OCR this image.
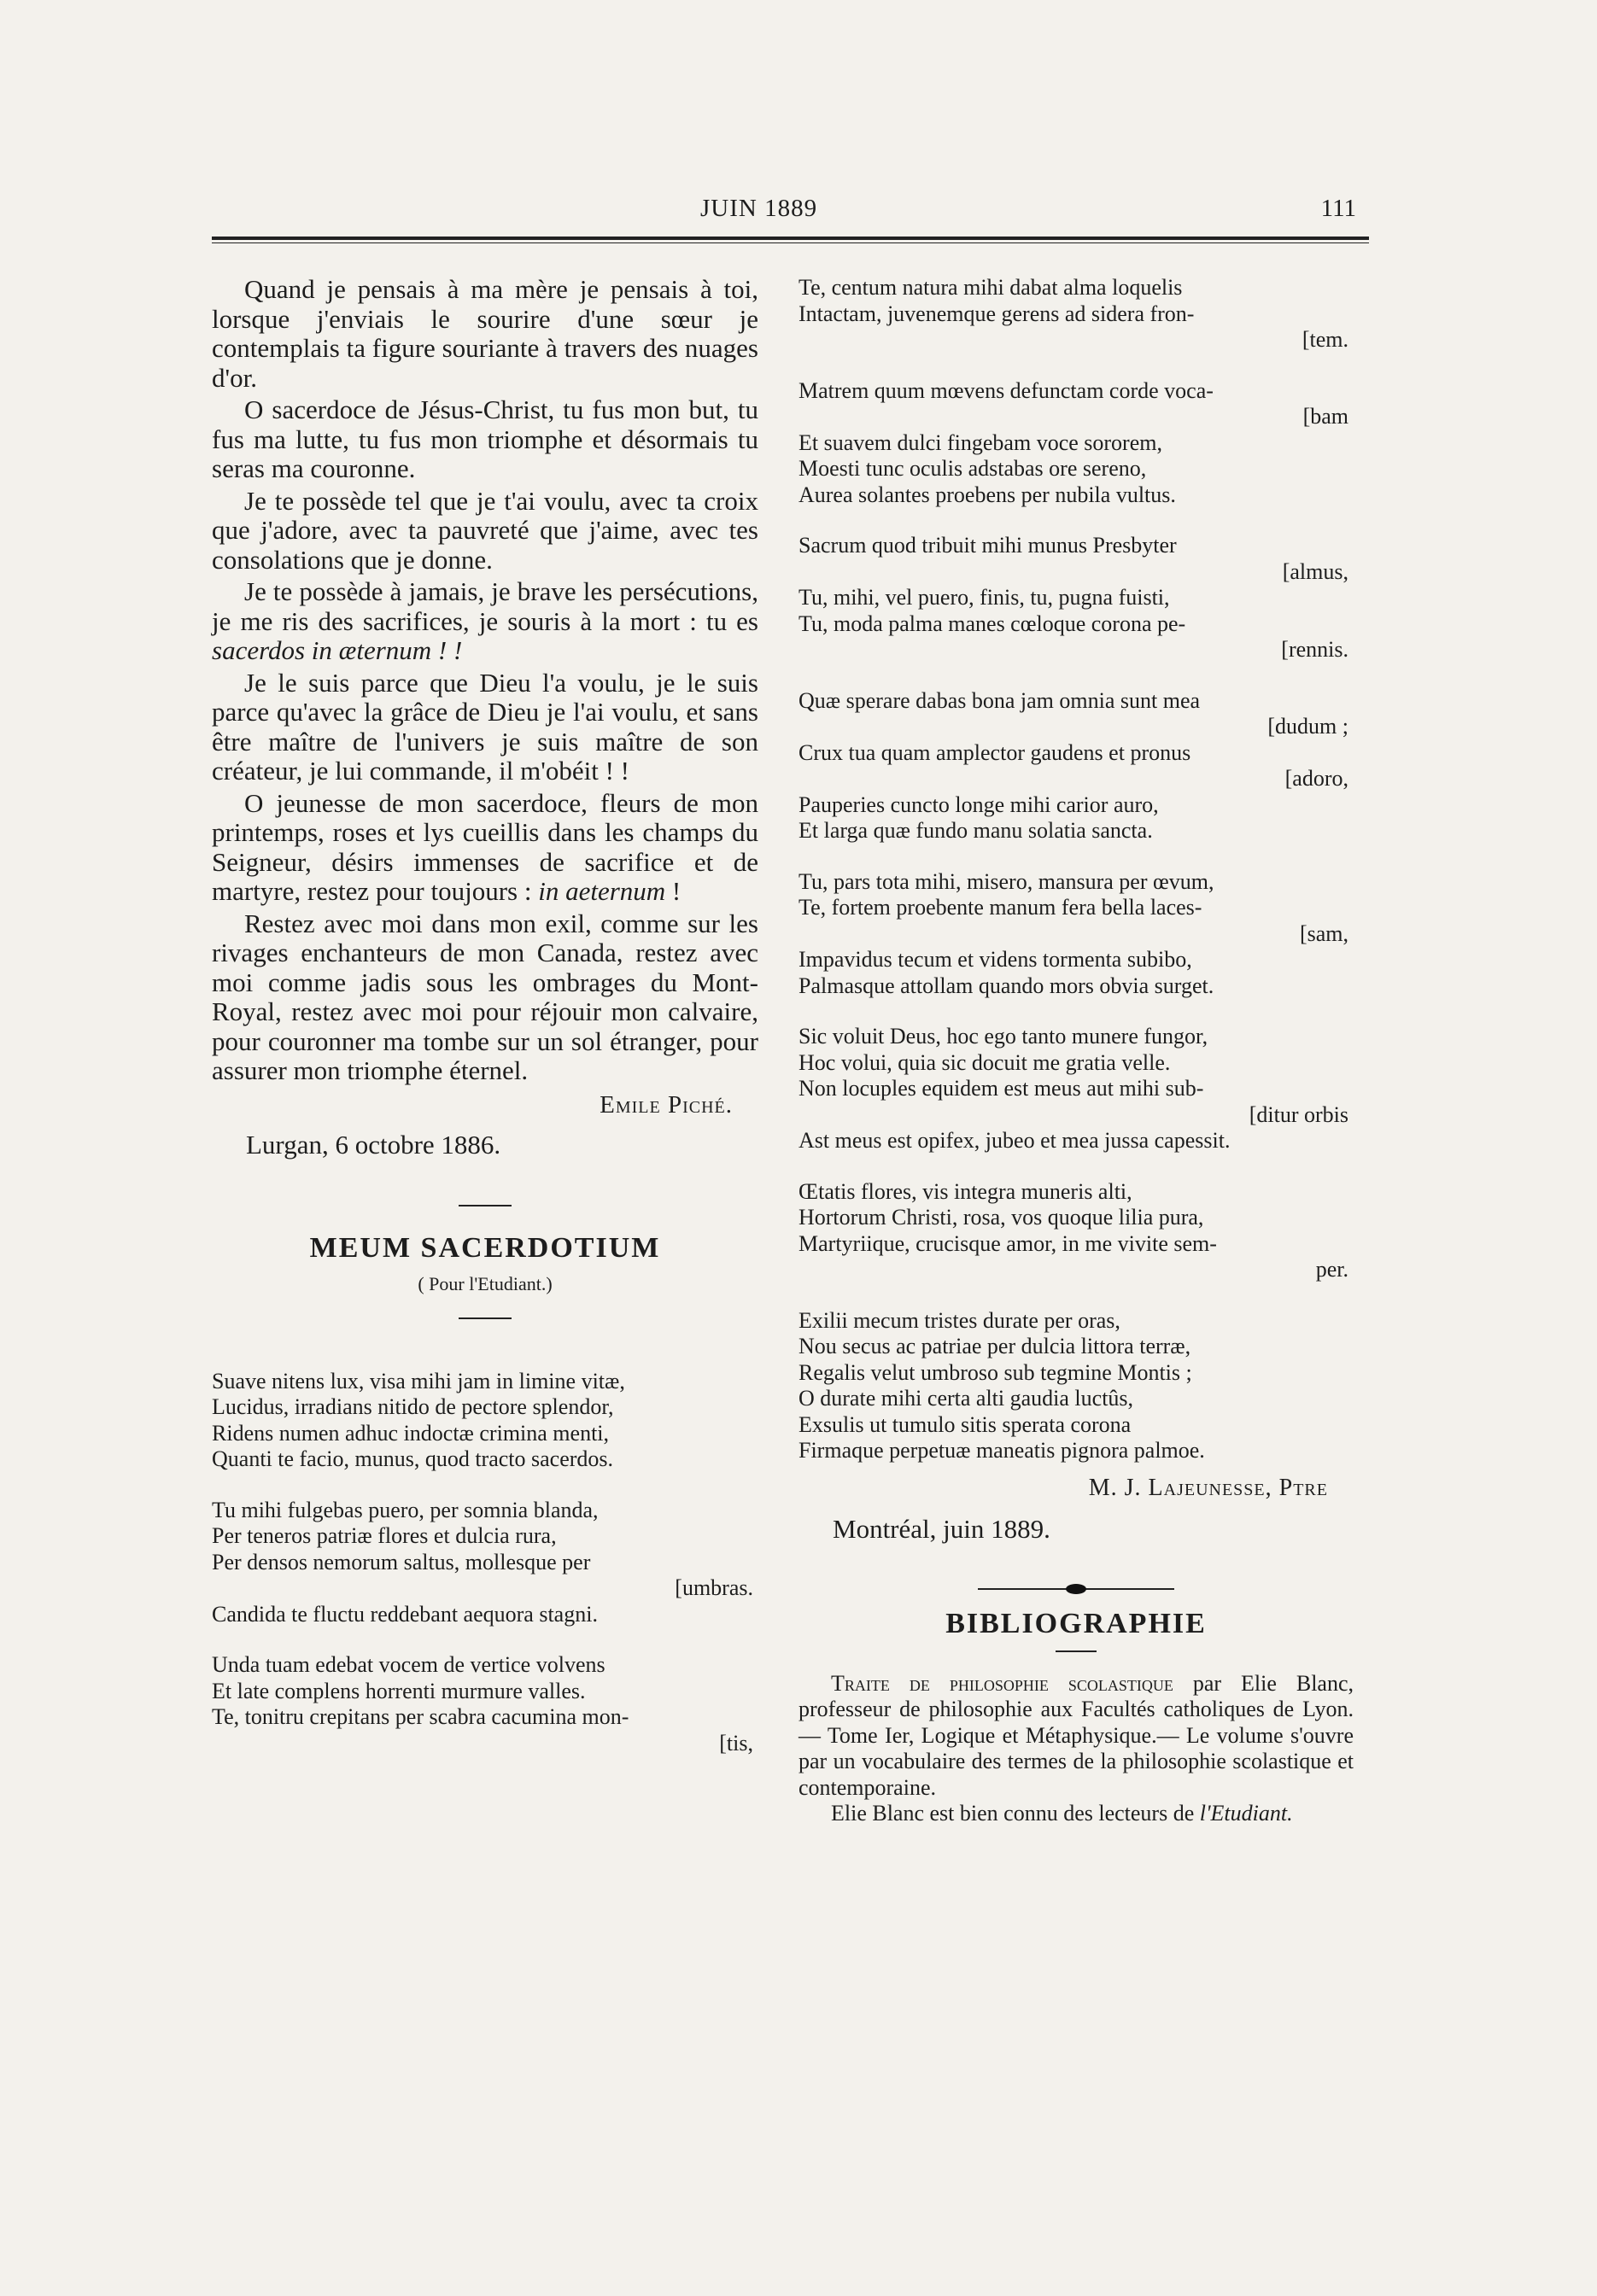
JUIN 1889	111

Quand je pensais à ma mère je pensais à toi, lorsque j'enviais le sourire d'une sœur je contemplais ta figure souriante à travers des nuages d'or.

O sacerdoce de Jésus-Christ, tu fus mon but, tu fus ma lutte, tu fus mon triomphe et désormais tu seras ma couronne.

Je te possède tel que je t'ai voulu, avec ta croix que j'adore, avec ta pauvreté que j'aime, avec tes consolations que je donne.

Je te possède à jamais, je brave les persécutions, je me ris des sacrifices, je souris à la mort : tu es sacerdos in æternum ! !

Je le suis parce que Dieu l'a voulu, je le suis parce qu'avec la grâce de Dieu je l'ai voulu, et sans être maître de l'univers je suis maître de son créateur, je lui commande, il m'obéit ! !

O jeunesse de mon sacerdoce, fleurs de mon printemps, roses et lys cueillis dans les champs du Seigneur, désirs immenses de sacrifice et de martyre, restez pour toujours : in aeternum !

Restez avec moi dans mon exil, comme sur les rivages enchanteurs de mon Canada, restez avec moi comme jadis sous les ombrages du Mont-Royal, restez avec moi pour réjouir mon calvaire, pour couronner ma tombe sur un sol étranger, pour assurer mon triomphe éternel.

Emile Piché.
Lurgan, 6 octobre 1886.
MEUM SACERDOTIUM
( Pour l'Etudiant.)
Suave nitens lux, visa mihi jam in limine vitæ,
Lucidus, irradians nitido de pectore splendor,
Ridens numen adhuc indoctæ crimina menti,
Quanti te facio, munus, quod tracto sacerdos.
Tu mihi fulgebas puero, per somnia blanda,
Per teneros patriæ flores et dulcia rura,
Per densos nemorum saltus, mollesque per
[umbras.
Candida te fluctu reddebant aequora stagni.
Unda tuam edebat vocem de vertice volvens
Et late complens horrenti murmure valles.
Te, tonitru crepitans per scabra cacumina mon-
[tis,
Te, centum natura mihi dabat alma loquelis
Intactam, juvenemque gerens ad sidera fron-
[tem.
Matrem quum mœvens defunctam corde voca-
[bam
Et suavem dulci fingebam voce sororem,
Moesti tunc oculis adstabas ore sereno,
Aurea solantes proebens per nubila vultus.
Sacrum quod tribuit mihi munus Presbyter
[almus,
Tu, mihi, vel puero, finis, tu, pugna fuisti,
Tu, moda palma manes cœloque corona pe-
[rennis.
Quæ sperare dabas bona jam omnia sunt mea
[dudum ;
Crux tua quam amplector gaudens et pronus
[adoro,
Pauperies cuncto longe mihi carior auro,
Et larga quæ fundo manu solatia sancta.
Tu, pars tota mihi, misero, mansura per œvum,
Te, fortem proebente manum fera bella laces-
[sam,
Impavidus tecum et videns tormenta subibo,
Palmasque attollam quando mors obvia surget.
Sic voluit Deus, hoc ego tanto munere fungor,
Hoc volui, quia sic docuit me gratia velle.
Non locuples equidem est meus aut mihi sub-
[ditur orbis
Ast meus est opifex, jubeo et mea jussa capessit.
Œtatis flores, vis integra muneris alti,
Hortorum Christi, rosa, vos quoque lilia pura,
Martyriique, crucisque amor, in me vivite sem-
per.
Exilii mecum tristes durate per oras,
Nou secus ac patriae per dulcia littora terræ,
Regalis velut umbroso sub tegmine Montis ;
O durate mihi certa alti gaudia luctûs,
Exsulis ut tumulo sitis sperata corona
Firmaque perpetuæ maneatis pignora palmoe.
M. J. Lajeunesse, Ptre
Montréal, juin 1889.
BIBLIOGRAPHIE

Traite de philosophie scolastique par Elie Blanc, professeur de philosophie aux Facultés catholiques de Lyon. — Tome Ier, Logique et Métaphysique.— Le volume s'ouvre par un vocabulaire des termes de la philosophie scolastique et contemporaine.

Elie Blanc est bien connu des lecteurs de l'Etudiant.
